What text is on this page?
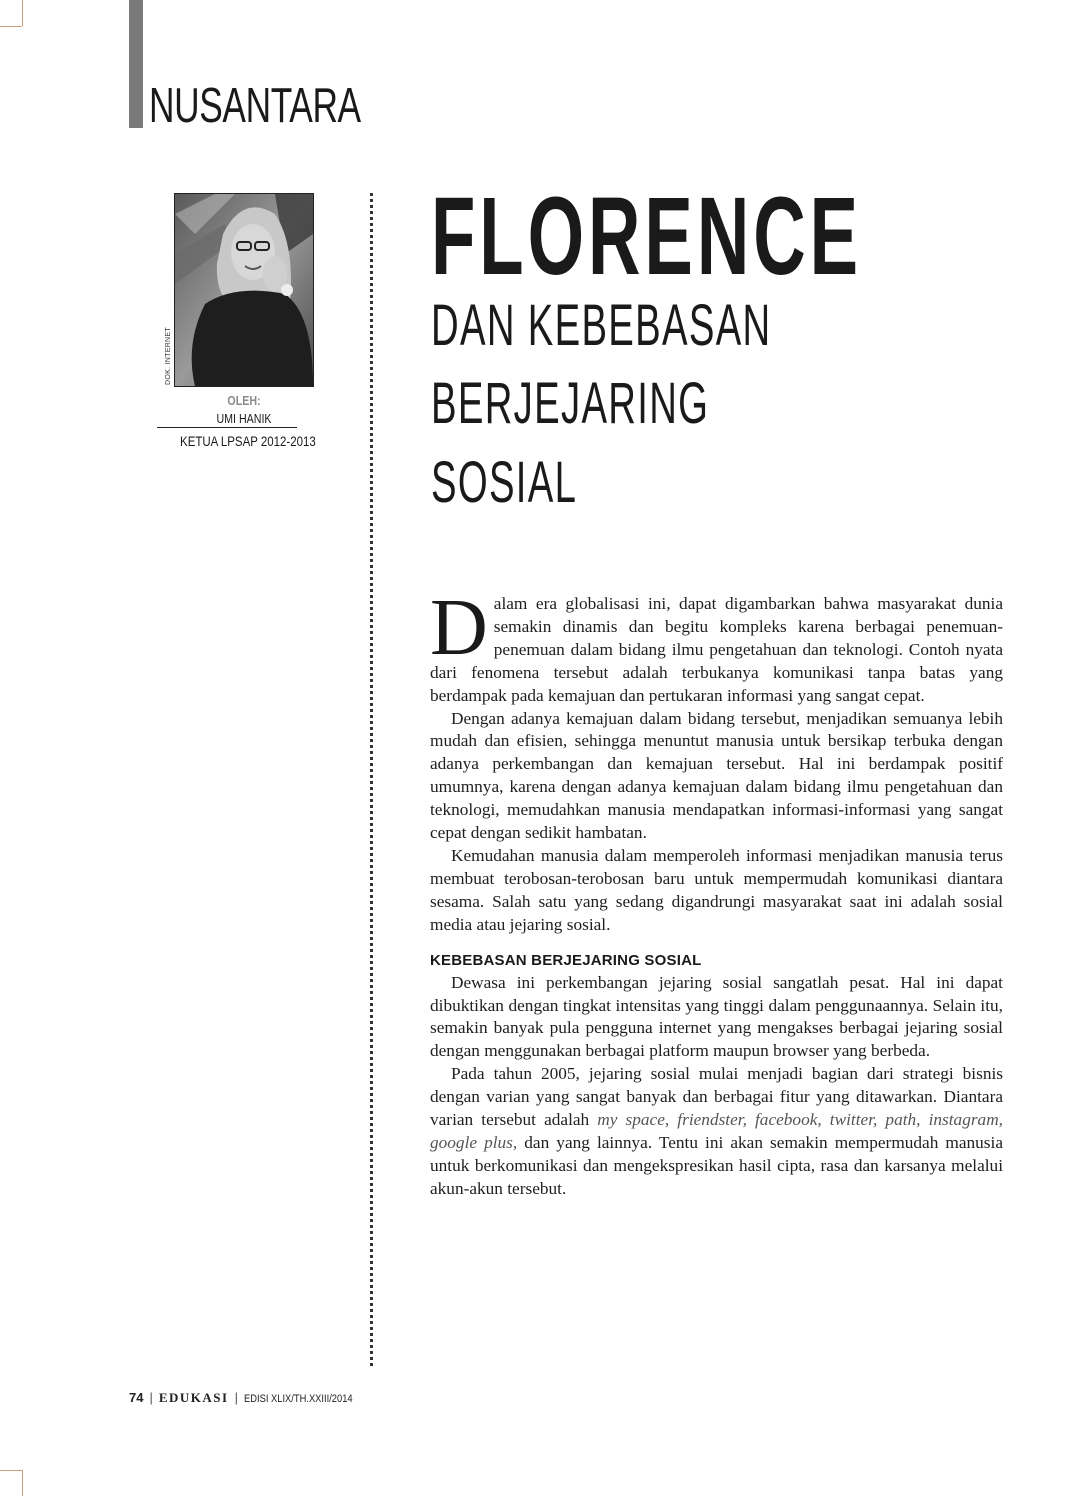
NUSANTARA
DOK. INTERNET
OLEH:
UMI HANIK
KETUA LPSAP 2012-2013
FLORENCE
DAN KEBEBASAN
BERJEJARING
SOSIAL

Dalam era globalisasi ini, dapat digambarkan bahwa masyarakat dunia semakin dinamis dan begitu kompleks karena berbagai penemuan-penemuan dalam bidang ilmu pengetahuan dan teknologi. Contoh nyata dari fenomena tersebut adalah terbukanya komunikasi tanpa batas yang berdampak pada kemajuan dan pertukaran informasi yang sangat cepat.

Dengan adanya kemajuan dalam bidang tersebut, menjadikan semuanya lebih mudah dan efisien, sehingga menuntut manusia untuk bersikap terbuka dengan adanya perkembangan dan kemajuan tersebut. Hal ini berdampak positif umumnya, karena dengan adanya kemajuan dalam bidang ilmu pengetahuan dan teknologi, memudahkan manusia mendapatkan informasi-informasi yang sangat cepat dengan sedikit hambatan.

Kemudahan manusia dalam memperoleh informasi menjadikan manusia terus membuat terobosan-terobosan baru untuk mempermudah komunikasi diantara sesama. Salah satu yang sedang digandrungi masyarakat saat ini adalah sosial media atau jejaring sosial.

KEBEBASAN BERJEJARING SOSIAL

Dewasa ini perkembangan jejaring sosial sangatlah pesat. Hal ini dapat dibuktikan dengan tingkat intensitas yang tinggi dalam penggunaannya. Selain itu, semakin banyak pula pengguna internet yang mengakses berbagai jejaring sosial dengan menggunakan berbagai platform maupun browser yang berbeda.

Pada tahun 2005, jejaring sosial mulai menjadi bagian dari strategi bisnis dengan varian yang sangat banyak dan berbagai fitur yang ditawarkan. Diantara varian tersebut adalah my space, friendster, facebook, twitter, path, instagram, google plus, dan yang lainnya. Tentu ini akan semakin mempermudah manusia untuk berkomunikasi dan mengekspresikan hasil cipta, rasa dan karsanya melalui akun-akun tersebut.

74 | EDUKASI | EDISI XLIX/TH.XXIII/2014
